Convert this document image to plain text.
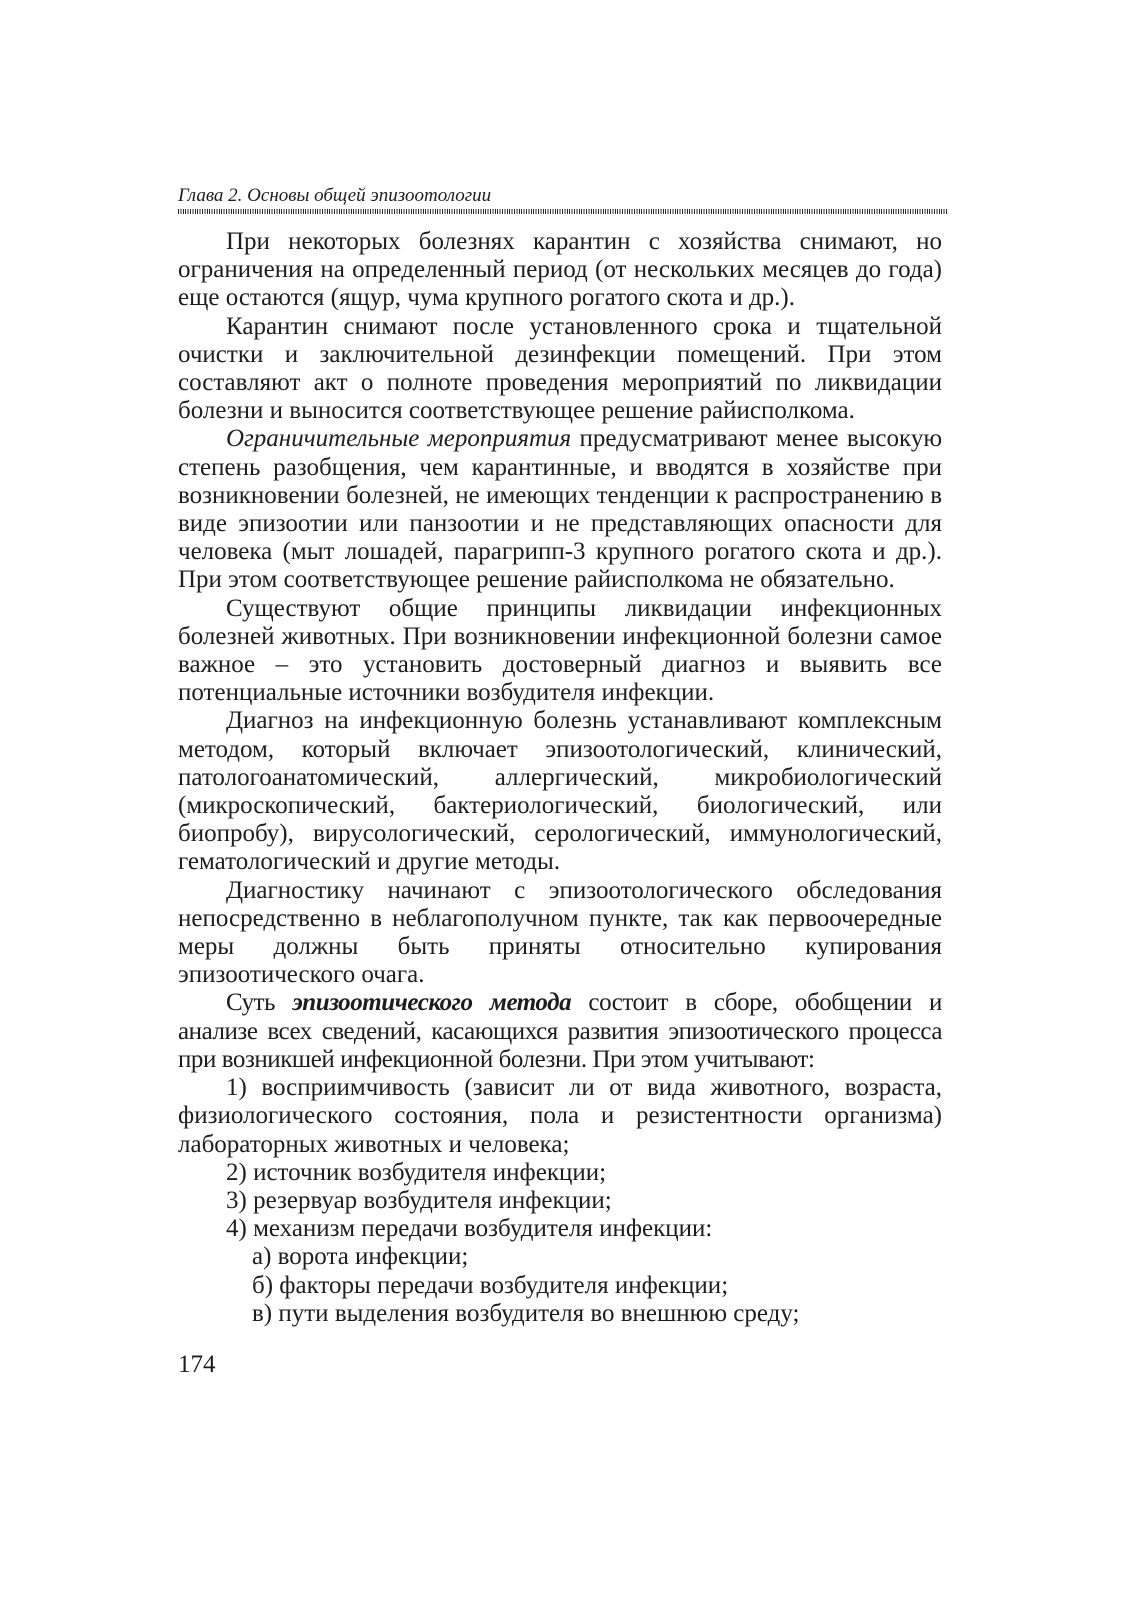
Глава 2. Основы общей эпизоотологии

При некоторых болезнях карантин с хозяйства снимают, но ограничения на определенный период (от нескольких месяцев до года) еще остаются (ящур, чума крупного рогатого скота и др.).

Карантин снимают после установленного срока и тщательной очистки и заключительной дезинфекции помещений. При этом составляют акт о полноте проведения мероприятий по ликвидации болезни и выносится соответствующее решение райисполкома.

Ограничительные мероприятия предусматривают менее высокую степень разобщения, чем карантинные, и вводятся в хозяйстве при возникновении болезней, не имеющих тенденции к распространению в виде эпизоотии или панзоотии и не представляющих опасности для человека (мыт лошадей, парагрипп-3 крупного рогатого скота и др.). При этом соответствующее решение райисполкома не обязательно.

Существуют общие принципы ликвидации инфекционных болезней животных. При возникновении инфекционной болезни самое важное – это установить достоверный диагноз и выявить все потенциальные источники возбудителя инфекции.

Диагноз на инфекционную болезнь устанавливают комплексным методом, который включает эпизоотологический, клинический, патологоанатомический, аллергический, микробиологический (микроскопический, бактериологический, биологический, или биопробу), вирусологический, серологический, иммунологический, гематологический и другие методы.

Диагностику начинают с эпизоотологического обследования непосредственно в неблагополучном пункте, так как первоочередные меры должны быть приняты относительно купирования эпизоотического очага.

Суть эпизоотического метода состоит в сборе, обобщении и анализе всех сведений, касающихся развития эпизоотического процесса при возникшей инфекционной болезни. При этом учитывают:

1) восприимчивость (зависит ли от вида животного, возраста, физиологического состояния, пола и резистентности организма) лабораторных животных и человека;

2) источник возбудителя инфекции;

3) резервуар возбудителя инфекции;

4) механизм передачи возбудителя инфекции:

а) ворота инфекции;

б) факторы передачи возбудителя инфекции;

в) пути выделения возбудителя во внешнюю среду;

174
